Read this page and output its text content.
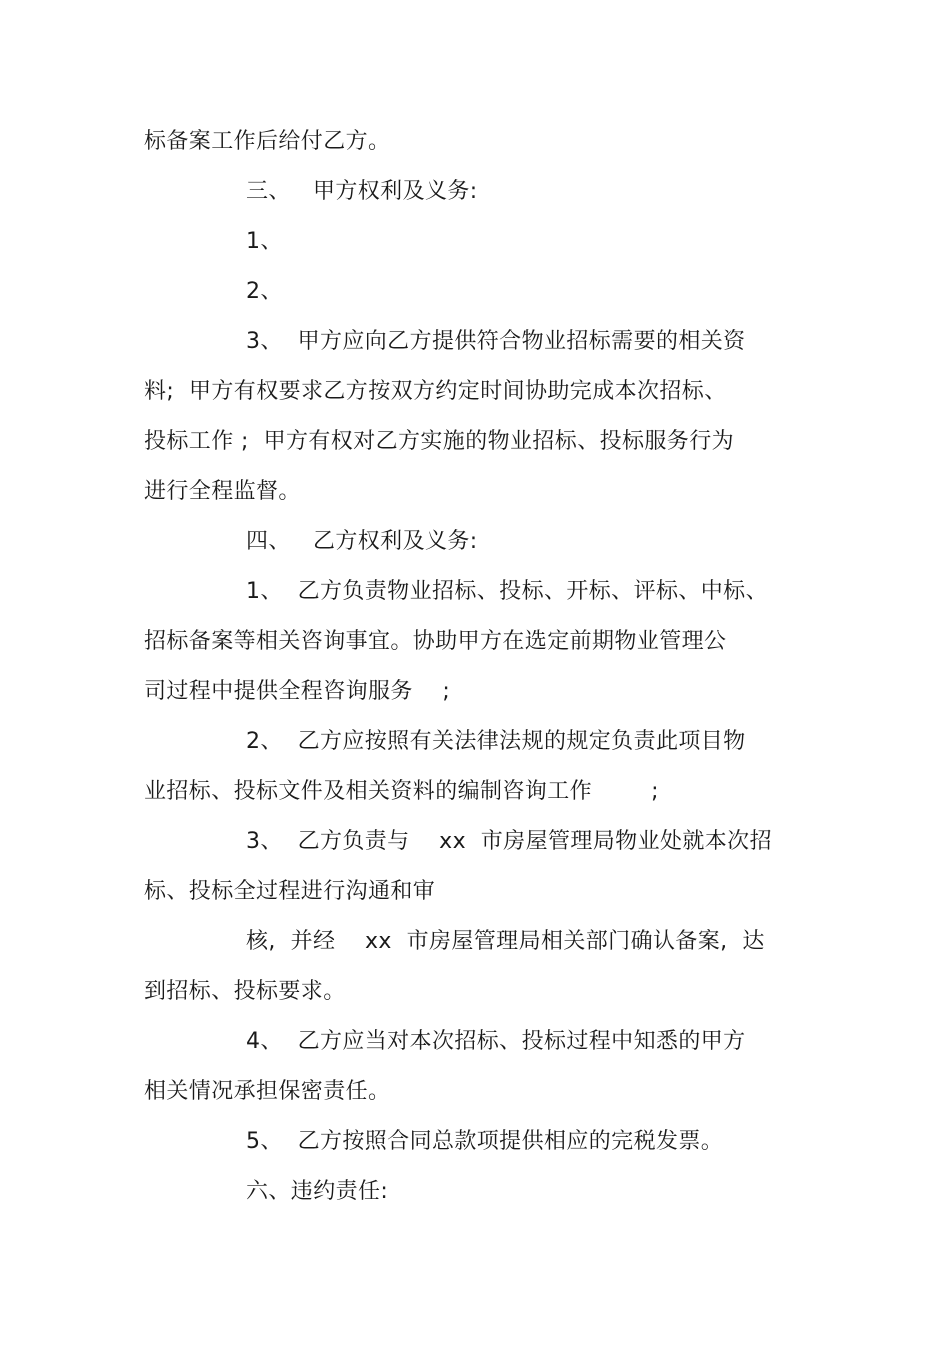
标备案工作后给付乙方。
三、   甲方权利及义务:
1、
2、
3、  甲方应向乙方提供符合物业招标需要的相关资
料;  甲方有权要求乙方按双方约定时间协助完成本次招标、
投标工作 ;  甲方有权对乙方实施的物业招标、投标服务行为
进行全程监督。
四、   乙方权利及义务:
1、  乙方负责物业招标、投标、开标、评标、中标、
招标备案等相关咨询事宜。协助甲方在选定前期物业管理公
司过程中提供全程咨询服务    ;
2、  乙方应按照有关法律法规的规定负责此项目物
业招标、投标文件及相关资料的编制咨询工作        ;
3、  乙方负责与    xx  市房屋管理局物业处就本次招
标、投标全过程进行沟通和审
核,  并经    xx  市房屋管理局相关部门确认备案,  达
到招标、投标要求。
4、  乙方应当对本次招标、投标过程中知悉的甲方
相关情况承担保密责任。
5、  乙方按照合同总款项提供相应的完税发票。
六、违约责任:
